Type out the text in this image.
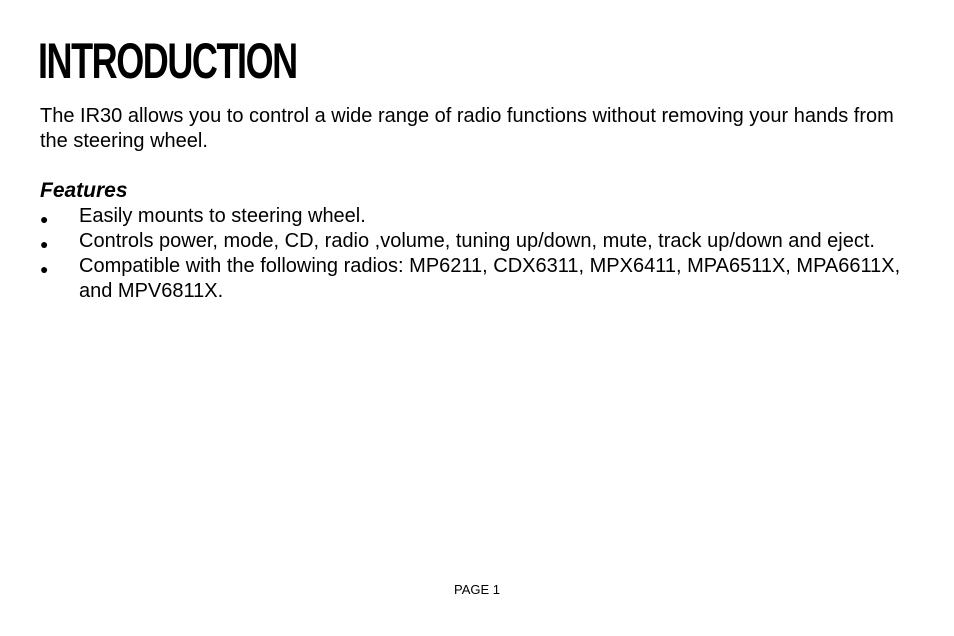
INTRODUCTION

The IR30 allows you to control a wide range of radio functions without removing your hands from the steering wheel.

Features
● Easily mounts to steering wheel.
● Controls power, mode, CD, radio ,volume, tuning up/down, mute, track up/down and eject.
● Compatible with the following radios: MP6211, CDX6311, MPX6411, MPA6511X, MPA6611X, and MPV6811X.
PAGE 1
